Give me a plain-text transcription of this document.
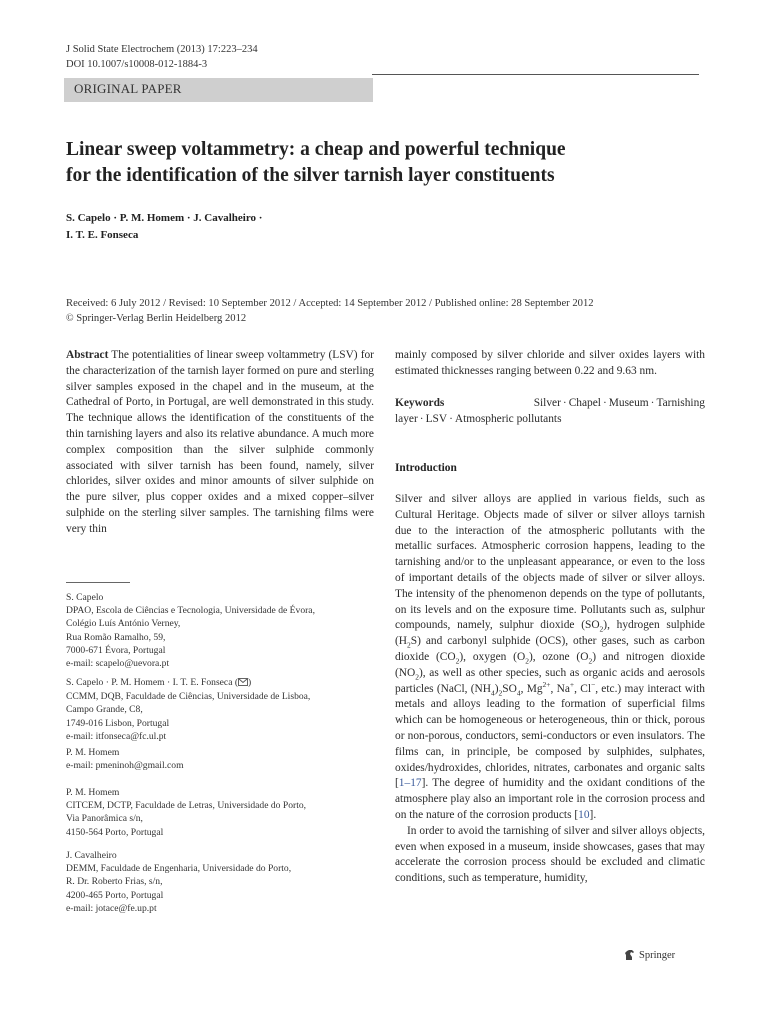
J Solid State Electrochem (2013) 17:223–234
DOI 10.1007/s10008-012-1884-3
ORIGINAL PAPER
Linear sweep voltammetry: a cheap and powerful technique
for the identification of the silver tarnish layer constituents
S. Capelo · P. M. Homem · J. Cavalheiro ·
I. T. E. Fonseca
Received: 6 July 2012 / Revised: 10 September 2012 / Accepted: 14 September 2012 / Published online: 28 September 2012
© Springer-Verlag Berlin Heidelberg 2012
Abstract The potentialities of linear sweep voltammetry (LSV) for the characterization of the tarnish layer formed on pure and sterling silver samples exposed in the chapel and in the museum, at the Cathedral of Porto, in Portugal, are well demonstrated in this study. The technique allows the identification of the constituents of the thin tarnishing layers and also its relative abundance. A much more complex composition than the silver sulphide commonly associated with silver tarnish has been found, namely, silver chlorides, silver oxides and minor amounts of silver sulphide on the pure silver, plus copper oxides and a mixed copper–silver sulphide on the sterling silver samples. The tarnishing films were very thin
S. Capelo
DPAO, Escola de Ciências e Tecnologia, Universidade de Évora,
Colégio Luís António Verney,
Rua Romão Ramalho, 59,
7000-671 Évora, Portugal
e-mail: scapelo@uevora.pt
S. Capelo · P. M. Homem · I. T. E. Fonseca ( )
CCMM, DQB, Faculdade de Ciências, Universidade de Lisboa,
Campo Grande, C8,
1749-016 Lisbon, Portugal
e-mail: itfonseca@fc.ul.pt
P. M. Homem
e-mail: pmeninoh@gmail.com
P. M. Homem
CITCEM, DCTP, Faculdade de Letras, Universidade do Porto,
Via Panorâmica s/n,
4150-564 Porto, Portugal
J. Cavalheiro
DEMM, Faculdade de Engenharia, Universidade do Porto,
R. Dr. Roberto Frias, s/n,
4200-465 Porto, Portugal
e-mail: jotace@fe.up.pt
mainly composed by silver chloride and silver oxides layers with estimated thicknesses ranging between 0.22 and 9.63 nm.
Keywords	Silver · Chapel · Museum · Tarnishing layer · LSV · Atmospheric pollutants
Introduction
Silver and silver alloys are applied in various fields, such as Cultural Heritage. Objects made of silver or silver alloys tarnish due to the interaction of the atmospheric pollutants with the metallic surfaces. Atmospheric corrosion happens, leading to the tarnishing and/or to the unpleasant appearance, or even to the loss of important details of the objects made of silver or silver alloys. The intensity of the phenomenon depends on the type of pollutants, on its levels and on the exposure time. Pollutants such as, sulphur compounds, namely, sulphur dioxide $(SO_2)$, hydrogen sulphide $(H_2S)$ and carbonyl sulphide (OCS), other gases, such as carbon dioxide $(CO_2)$, oxygen $(O_2)$, ozone $(O_2)$ and nitrogen dioxide $(NO_2)$, as well as other species, such as organic acids and aerosols particles (NaCl, $(NH_4)_2SO_4$, $Mg^{2+}$, Na+, Cl−, etc.) may interact with metals and alloys leading to the formation of superficial films which can be homogeneous or heterogeneous, thin or thick, porous or non-porous, conductors, semi-conductors or even insulators. The films can, in principle, be composed by sulphides, sulphates, oxides/hydroxides, chlorides, nitrates, carbonates and organic salts [1–17]. The degree of humidity and the oxidant conditions of the atmosphere play also an important role in the corrosion process and on the nature of the corrosion products [10].
In order to avoid the tarnishing of silver and silver alloys objects, even when exposed in a museum, inside showcases, gases that may accelerate the corrosion process should be excluded and climatic conditions, such as temperature, humidity,
Springer
